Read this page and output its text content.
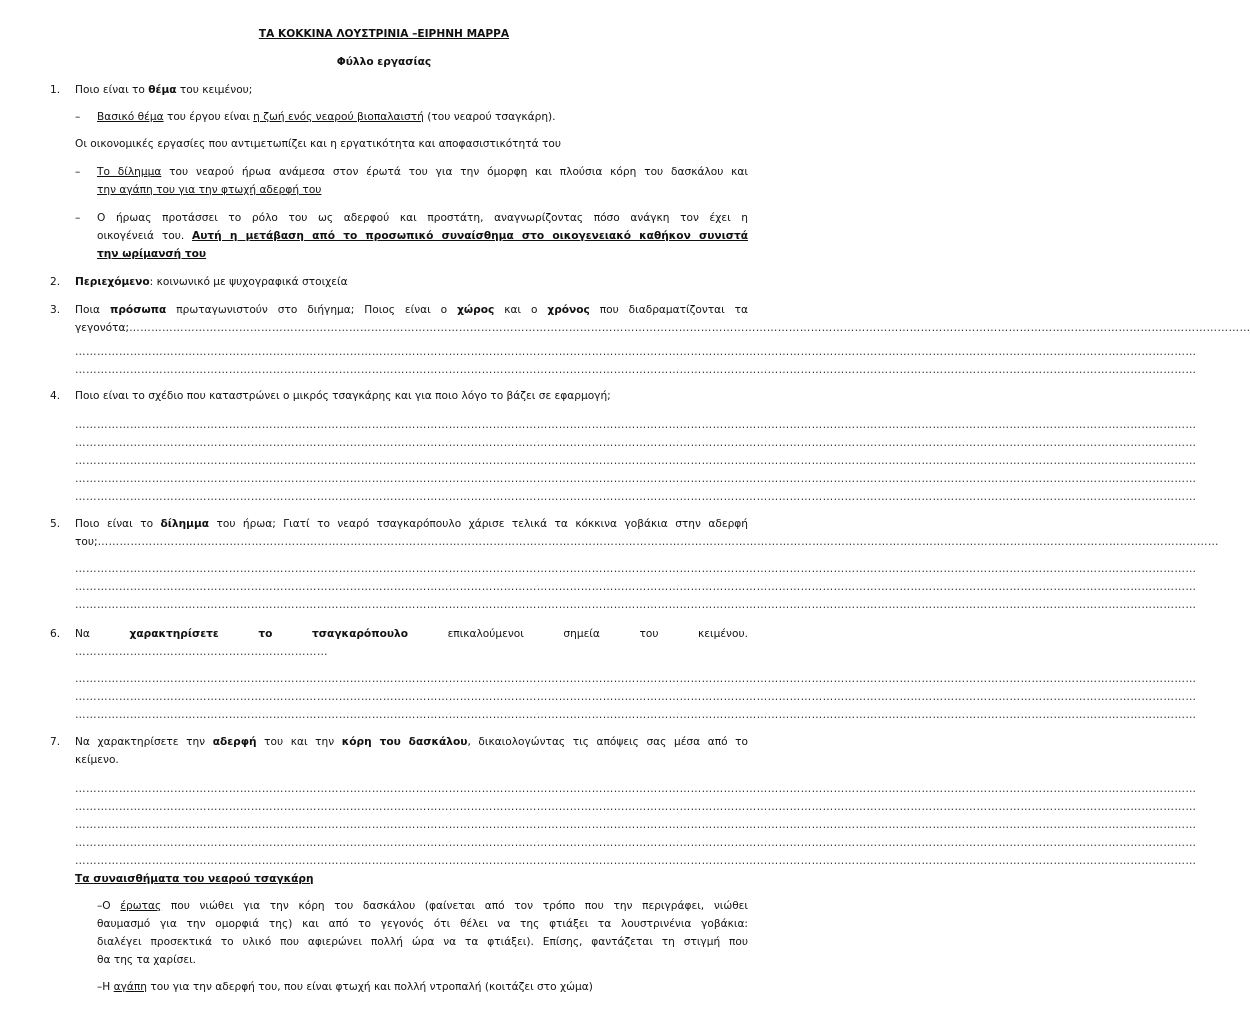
ΤΑ ΚΟΚΚΙΝΑ ΛΟΥΣΤΡΙΝΙΑ –ΕΙΡΗΝΗ ΜΑΡΡΑ
Φύλλο εργασίας
1. Ποιο είναι το θέμα του κειμένου;
– Βασικό θέμα του έργου είναι η ζωή ενός νεαρού βιοπαλαιστή (του νεαρού τσαγκάρη).
Οι οικονομικές εργασίες που αντιμετωπίζει και η εργατικότητα και αποφασιστικότητά του
– Το δίλημμα του νεαρού ήρωα ανάμεσα στον έρωτά του για την όμορφη και πλούσια κόρη του δασκάλου και
την αγάπη του για την φτωχή αδερφή του
– Ο ήρωας προτάσσει το ρόλο του ως αδερφού και προστάτη, αναγνωρίζοντας πόσο ανάγκη τον έχει η
οικογένειά του. Αυτή η μετάβαση από το προσωπικό συναίσθημα στο οικογενειακό καθήκον συνιστά
την ωρίμανσή του
2. Περιεχόμενο: κοινωνικό με ψυχογραφικά στοιχεία
3. Ποια πρόσωπα πρωταγωνιστούν στο διήγημα; Ποιος είναι ο χώρος και ο χρόνος που διαδραματίζονται τα
γεγονότα; ………………………………………………………………………………………………………………………………………………………………………………………………………………………………………………………………………………
………………………………………………………………………………………………………………………………………………………………………………………………………………………………………………………………………………
………………………………………………………………………………………………………………………………………………………………………………………………………………………………………………………………………………
4. Ποιο είναι το σχέδιο που καταστρώνει ο μικρός τσαγκάρης και για ποιο λόγο το βάζει σε εφαρμογή;
………………………………………………………………………………………………………………………………………………………………………………………………………………………………………………………………………………
………………………………………………………………………………………………………………………………………………………………………………………………………………………………………………………………………………
………………………………………………………………………………………………………………………………………………………………………………………………………………………………………………………………………………
………………………………………………………………………………………………………………………………………………………………………………………………………………………………………………………………………………
………………………………………………………………………………………………………………………………………………………………………………………………………………………………………………………………………………
5. Ποιο είναι το δίλημμα του ήρωα; Γιατί το νεαρό τσαγκαρόπουλο χάρισε τελικά τα κόκκινα γοβάκια στην αδερφή
του; ………………………………………………………………………………………………………………………………………………………………………………………………………………………………………………………………………………
………………………………………………………………………………………………………………………………………………………………………………………………………………………………………………………………………………
………………………………………………………………………………………………………………………………………………………………………………………………………………………………………………………………………………
………………………………………………………………………………………………………………………………………………………………………………………………………………………………………………………………………………
6. Να	χαρακτηρίσετε	το	τσαγκαρόπουλο	επικαλούμενοι	σημεία	του	κειμένου.
……………………………………………………………
………………………………………………………………………………………………………………………………………………………………………………………………………………………………………………………………………………
………………………………………………………………………………………………………………………………………………………………………………………………………………………………………………………………………………
………………………………………………………………………………………………………………………………………………………………………………………………………………………………………………………………………………
7. Να χαρακτηρίσετε την αδερφή του και την κόρη του δασκάλου, δικαιολογώντας τις απόψεις σας μέσα από το
κείμενο.
………………………………………………………………………………………………………………………………………………………………………………………………………………………………………………………………………………
………………………………………………………………………………………………………………………………………………………………………………………………………………………………………………………………………………
………………………………………………………………………………………………………………………………………………………………………………………………………………………………………………………………………………
………………………………………………………………………………………………………………………………………………………………………………………………………………………………………………………………………………
………………………………………………………………………………………………………………………………………………………………………………………………………………………………………………………………………………
Τα συναισθήματα του νεαρού τσαγκάρη
–Ο έρωτας που νιώθει για την κόρη του δασκάλου (φαίνεται από τον τρόπο που την περιγράφει, νιώθει
θαυμασμό για την ομορφιά της) και από το γεγονός ότι θέλει να της φτιάξει τα λουστρινένια γοβάκια:
διαλέγει προσεκτικά το υλικό που αφιερώνει πολλή ώρα να τα φτιάξει). Επίσης, φαντάζεται τη στιγμή που
θα της τα χαρίσει.
–Η αγάπη του για την αδερφή του, που είναι φτωχή και πολλή ντροπαλή (κοιτάζει στο χώμα)
